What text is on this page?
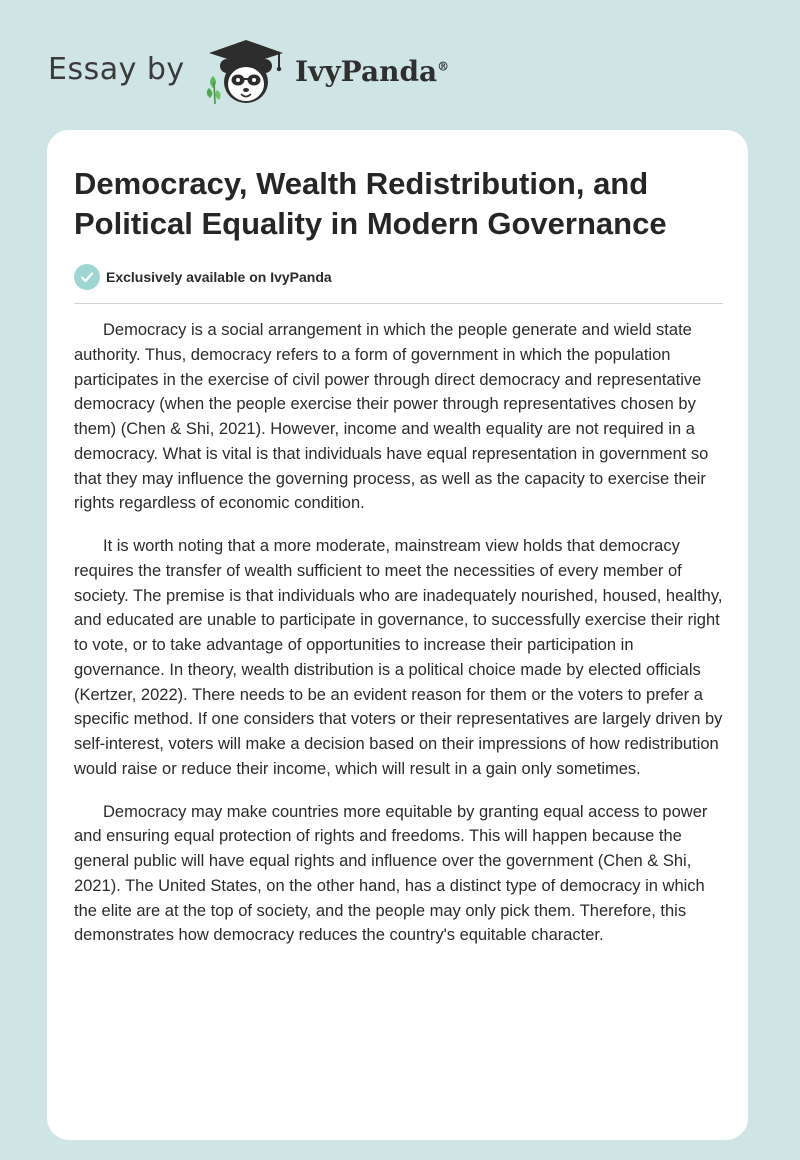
Essay by	IvyPanda®
Democracy, Wealth Redistribution, and Political Equality in Modern Governance
Exclusively available on IvyPanda

Democracy is a social arrangement in which the people generate and wield state authority. Thus, democracy refers to a form of government in which the population participates in the exercise of civil power through direct democracy and representative democracy (when the people exercise their power through representatives chosen by them) (Chen & Shi, 2021). However, income and wealth equality are not required in a democracy. What is vital is that individuals have equal representation in government so that they may influence the governing process, as well as the capacity to exercise their rights regardless of economic condition.

It is worth noting that a more moderate, mainstream view holds that democracy requires the transfer of wealth sufficient to meet the necessities of every member of society. The premise is that individuals who are inadequately nourished, housed, healthy, and educated are unable to participate in governance, to successfully exercise their right to vote, or to take advantage of opportunities to increase their participation in governance. In theory, wealth distribution is a political choice made by elected officials (Kertzer, 2022). There needs to be an evident reason for them or the voters to prefer a specific method. If one considers that voters or their representatives are largely driven by self-interest, voters will make a decision based on their impressions of how redistribution would raise or reduce their income, which will result in a gain only sometimes.

Democracy may make countries more equitable by granting equal access to power and ensuring equal protection of rights and freedoms. This will happen because the general public will have equal rights and influence over the government (Chen & Shi, 2021). The United States, on the other hand, has a distinct type of democracy in which the elite are at the top of society, and the people may only pick them. Therefore, this demonstrates how democracy reduces the country's equitable character.
